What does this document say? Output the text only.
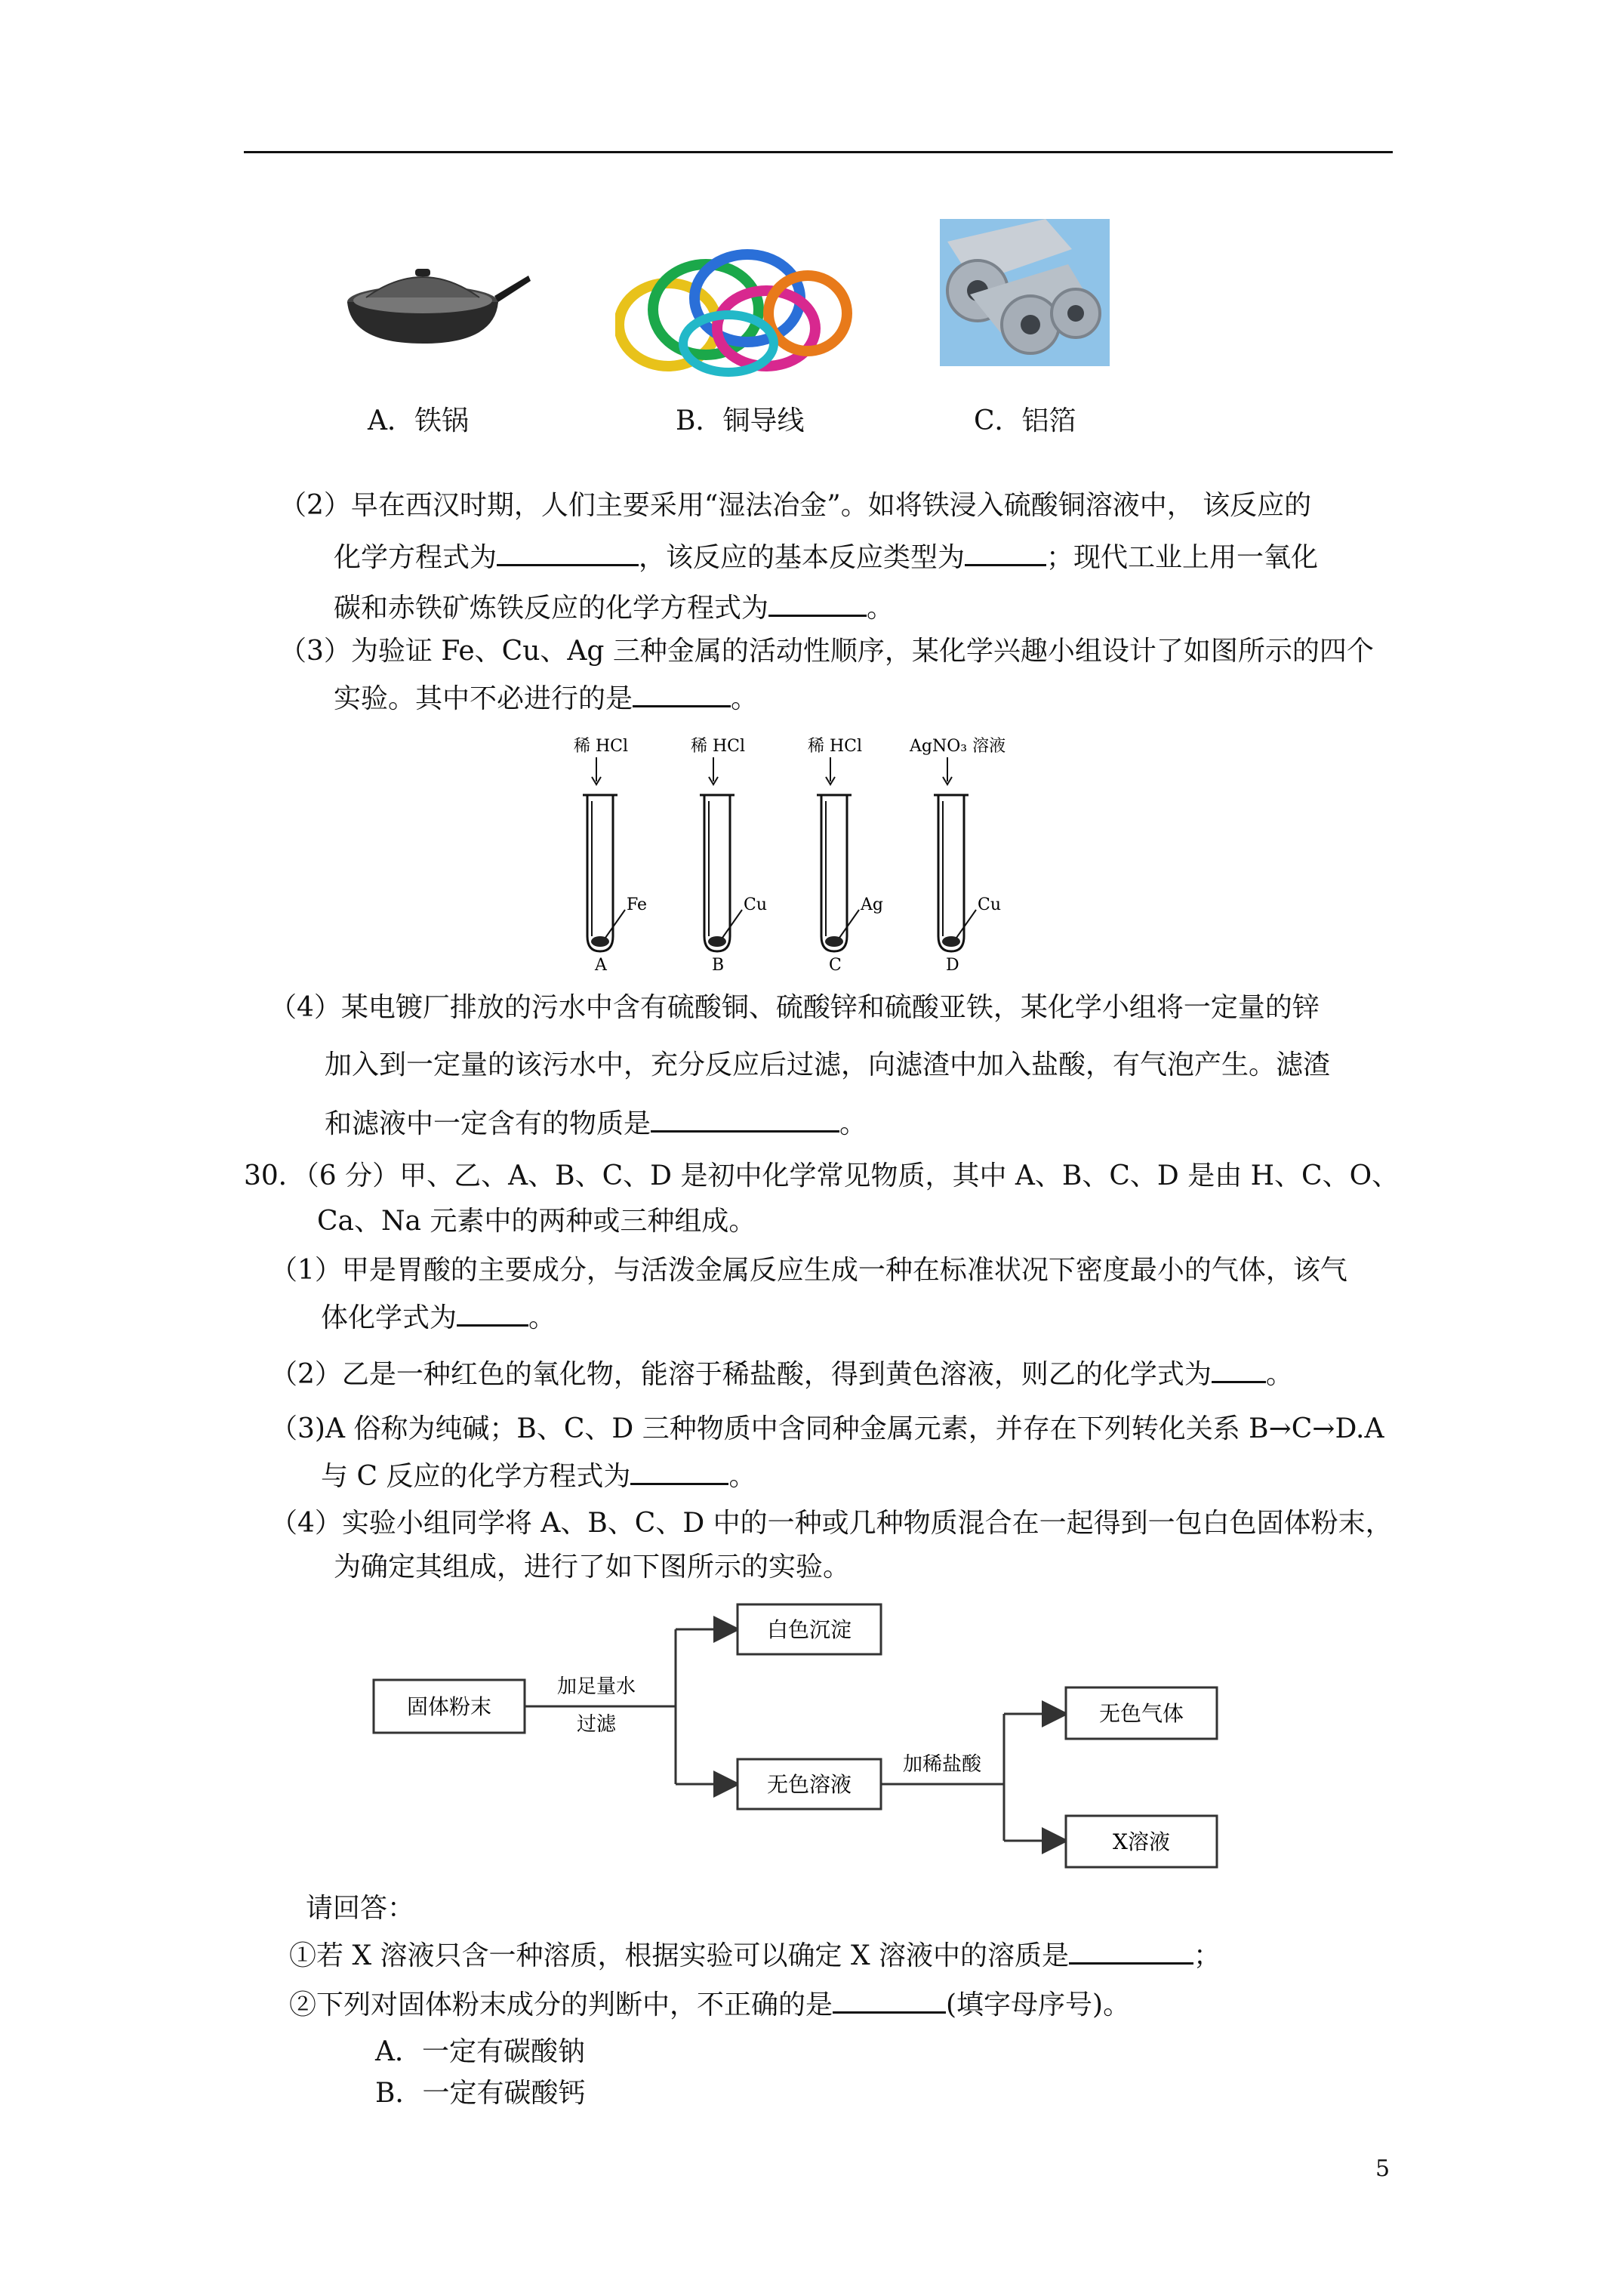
A．铁锅	B．铜导线	C．铝箔
（2）早在西汉时期，人们主要采用“湿法冶金”。如将铁浸入硫酸铜溶液中， 该反应的
化学方程式为	，该反应的基本反应类型为	；现代工业上用一氧化
碳和赤铁矿炼铁反应的化学方程式为	。
（3）为验证 Fe、Cu、Ag 三种金属的活动性顺序，某化学兴趣小组设计了如图所示的四个
实验。其中不必进行的是	。
稀 HCl
Fe
A
稀 HCl
Cu
B
稀 HCl
Ag
C
AgNO₃ 溶液
Cu
D
（4）某电镀厂排放的污水中含有硫酸铜、硫酸锌和硫酸亚铁，某化学小组将一定量的锌
加入到一定量的该污水中，充分反应后过滤，向滤渣中加入盐酸，有气泡产生。滤渣
和滤液中一定含有的物质是	。
30．（6 分）甲、乙、A、B、C、D 是初中化学常见物质，其中 A、B、C、D 是由 H、C、O、
Ca、Na 元素中的两种或三种组成。
（1）甲是胃酸的主要成分，与活泼金属反应生成一种在标准状况下密度最小的气体，该气
体化学式为	。
（2）乙是一种红色的氧化物，能溶于稀盐酸，得到黄色溶液，则乙的化学式为 。
（3)A 俗称为纯碱；B、C、D 三种物质中含同种金属元素，并存在下列转化关系 B→C→D.A
与 C 反应的化学方程式为	。
（4）实验小组同学将 A、B、C、D 中的一种或几种物质混合在一起得到一包白色固体粉末，
为确定其组成，进行了如下图所示的实验。
固体粉末
加足量水
过滤
白色沉淀
无色溶液
加稀盐酸
无色气体
X溶液
请回答：
①若 X 溶液只含一种溶质，根据实验可以确定 X 溶液中的溶质是	；
②下列对固体粉末成分的判断中，不正确的是	(填字母序号)。
A．一定有碳酸钠
B．一定有碳酸钙
5
